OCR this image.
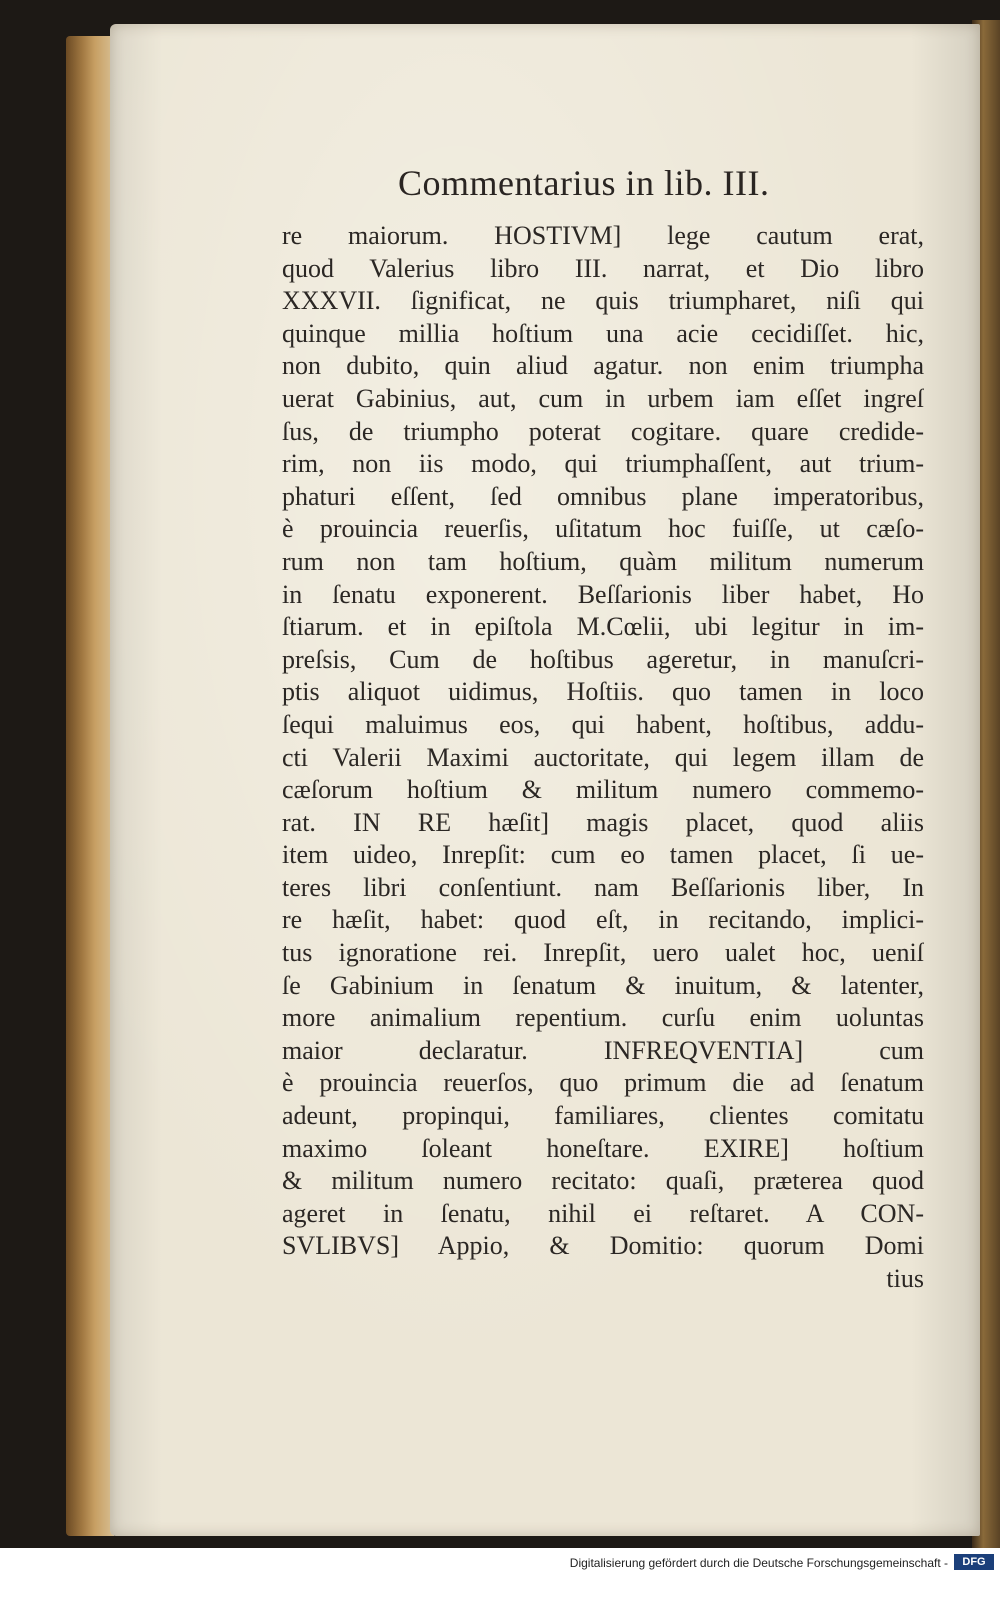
Commentarius in lib. III.
re maiorum. HOSTIVM] lege cautum erat,
quod Valerius libro III. narrat, et Dio libro
XXXVII. ſignificat, ne quis triumpharet, niſi qui
quinque millia hoſtium una acie cecidiſſet. hic,
non dubito, quin aliud agatur. non enim triumpha
uerat Gabinius, aut, cum in urbem iam eſſet ingreſ
ſus, de triumpho poterat cogitare. quare credide-
rim, non iis modo, qui triumphaſſent, aut trium-
phaturi eſſent, ſed omnibus plane imperatoribus,
è prouincia reuerſis, uſitatum hoc fuiſſe, ut cæſo-
rum non tam hoſtium, quàm militum numerum
in ſenatu exponerent. Beſſarionis liber habet, Ho
ſtiarum. et in epiſtola M.Cœlii, ubi legitur in im-
preſsis, Cum de hoſtibus ageretur, in manuſcri-
ptis aliquot uidimus, Hoſtiis. quo tamen in loco
ſequi maluimus eos, qui habent, hoſtibus, addu-
cti Valerii Maximi auctoritate, qui legem illam de
cæſorum hoſtium & militum numero commemo-
rat. IN RE hæſit] magis placet, quod aliis
item uideo, Inrepſit: cum eo tamen placet, ſi ue-
teres libri conſentiunt. nam Beſſarionis liber, In
re hæſit, habet: quod eſt, in recitando, implici-
tus ignoratione rei. Inrepſit, uero ualet hoc, ueniſ
ſe Gabinium in ſenatum & inuitum, & latenter,
more animalium repentium. curſu enim uoluntas
maior declaratur. INFREQVENTIA] cum
è prouincia reuerſos, quo primum die ad ſenatum
adeunt, propinqui, familiares, clientes comitatu
maximo ſoleant honeſtare. EXIRE] hoſtium
& militum numero recitato: quaſi, præterea quod
ageret in ſenatu, nihil ei reſtaret. A CON-
SVLIBVS] Appio, & Domitio: quorum Domi
tius
Digitalisierung gefördert durch die Deutsche Forschungsgemeinschaft -	DFG
